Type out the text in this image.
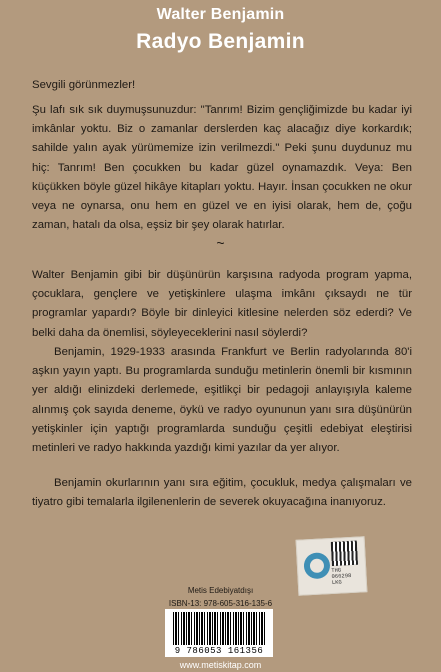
Walter Benjamin
Radyo Benjamin

Sevgili görünmezler!

Şu lafı sık sık duymuşsunuzdur: "Tanrım! Bizim gençliğimizde bu kadar iyi imkânlar yoktu. Biz o zamanlar derslerden kaç alacağız diye korkardık; sahilde yalın ayak yürümemize izin verilmezdi." Peki şunu duydunuz mu hiç: Tanrım! Ben çocukken bu kadar güzel oynamazdık. Veya: Ben küçükken böyle güzel hikâye kitapları yoktu. Hayır. İnsan çocukken ne okur veya ne oynarsa, onu hem en güzel ve en iyisi olarak, hem de, çoğu zaman, hatalı da olsa, eşsiz bir şey olarak hatırlar.

~

Walter Benjamin gibi bir düşünürün karşısına radyoda program yapma, çocuklara, gençlere ve yetişkinlere ulaşma imkânı çıksaydı ne tür programlar yapardı? Böyle bir dinleyici kitlesine nelerden söz ederdi? Ve belki daha da önemlisi, söyleyeceklerini nasıl söylerdi?

Benjamin, 1929-1933 arasında Frankfurt ve Berlin radyolarında 80'i aşkın yayın yaptı. Bu programlarda sunduğu metinlerin önemli bir kısmının yer aldığı elinizdeki derlemede, eşitlikçi bir pedagoji anlayışıyla kaleme alınmış çok sayıda deneme, öykü ve radyo oyununun yanı sıra düşünürün yetişkinler için yaptığı programlarda sunduğu çeşitli edebiyat eleştirisi metinleri ve radyo hakkında yazdığı kimi yazılar da yer alıyor.

Benjamin okurlarının yanı sıra eğitim, çocukluk, medya çalışmaları ve tiyatro gibi temalarla ilgilenenlerin de severek okuyacağına inanıyoruz.

THG
066298
LKG
Metis Edebiyatdışı
ISBN-13: 978-605-316-135-6
9 786053 161356
www.metiskitap.com
